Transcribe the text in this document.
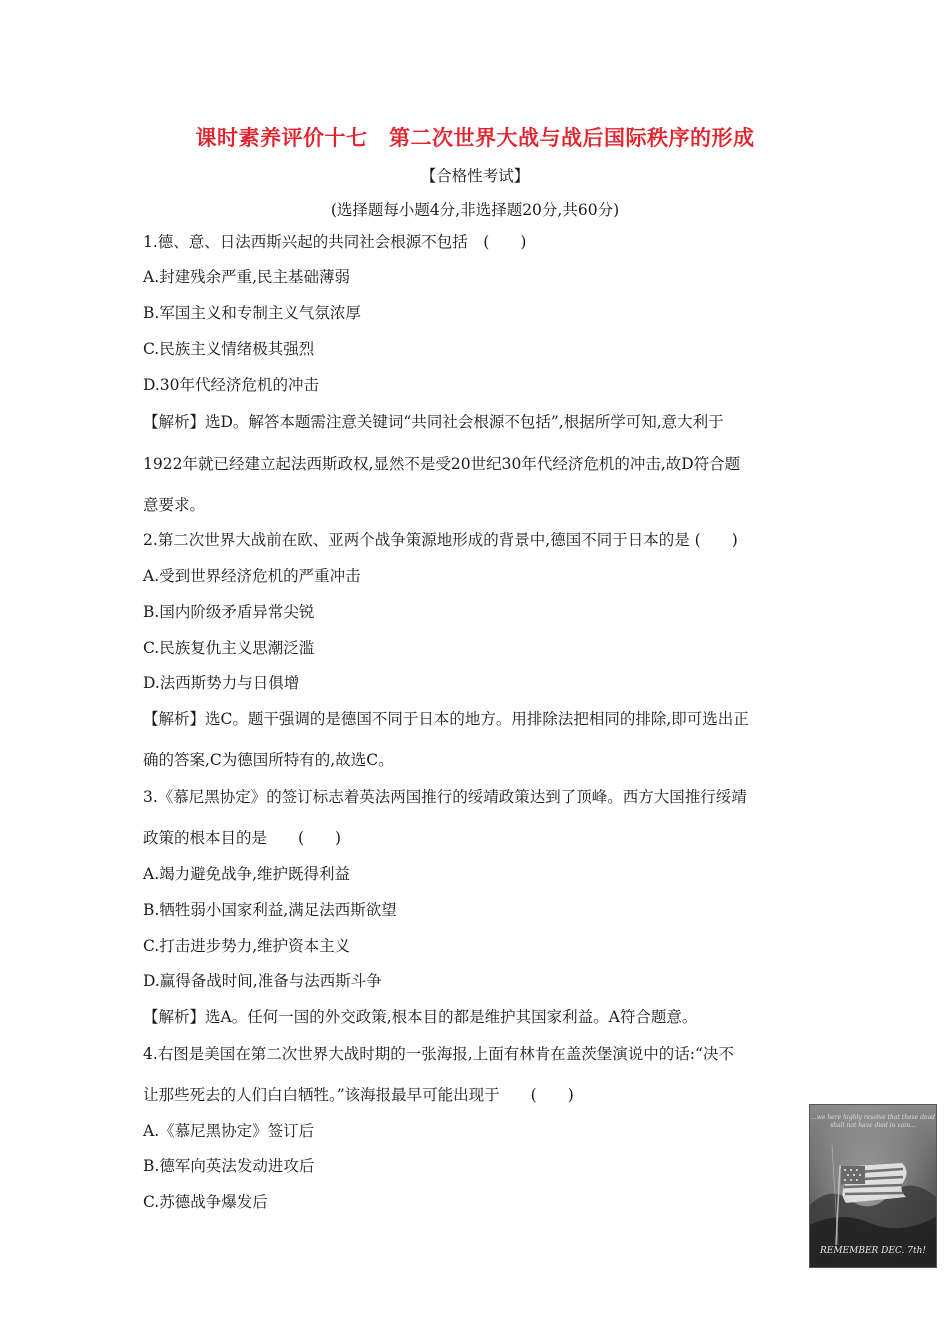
课时素养评价十七　第二次世界大战与战后国际秩序的形成
【合格性考试】
(选择题每小题4分,非选择题20分,共60分)
1.德、意、日法西斯兴起的共同社会根源不包括　(　　)
A.封建残余严重,民主基础薄弱
B.军国主义和专制主义气氛浓厚
C.民族主义情绪极其强烈
D.30年代经济危机的冲击
【解析】选D。解答本题需注意关键词“共同社会根源不包括”,根据所学可知,意大利于
1922年就已经建立起法西斯政权,显然不是受20世纪30年代经济危机的冲击,故D符合题
意要求。
2.第二次世界大战前在欧、亚两个战争策源地形成的背景中,德国不同于日本的是 (　　)
A.受到世界经济危机的严重冲击
B.国内阶级矛盾异常尖锐
C.民族复仇主义思潮泛滥
D.法西斯势力与日俱增
【解析】选C。题干强调的是德国不同于日本的地方。用排除法把相同的排除,即可选出正
确的答案,C为德国所特有的,故选C。
3.《慕尼黑协定》的签订标志着英法两国推行的绥靖政策达到了顶峰。西方大国推行绥靖
政策的根本目的是　　(　　)
A.竭力避免战争,维护既得利益
B.牺牲弱小国家利益,满足法西斯欲望
C.打击进步势力,维护资本主义
D.赢得备战时间,准备与法西斯斗争
【解析】选A。任何一国的外交政策,根本目的都是维护其国家利益。A符合题意。
4.右图是美国在第二次世界大战时期的一张海报,上面有林肯在盖茨堡演说中的话:“决不
让那些死去的人们白白牺牲。”该海报最早可能出现于　　(　　)
A.《慕尼黑协定》签订后
B.德军向英法发动进攻后
C.苏德战争爆发后
...we here highly resolve that these dead
shall not have died in vain...
REMEMBER DEC. 7th!
